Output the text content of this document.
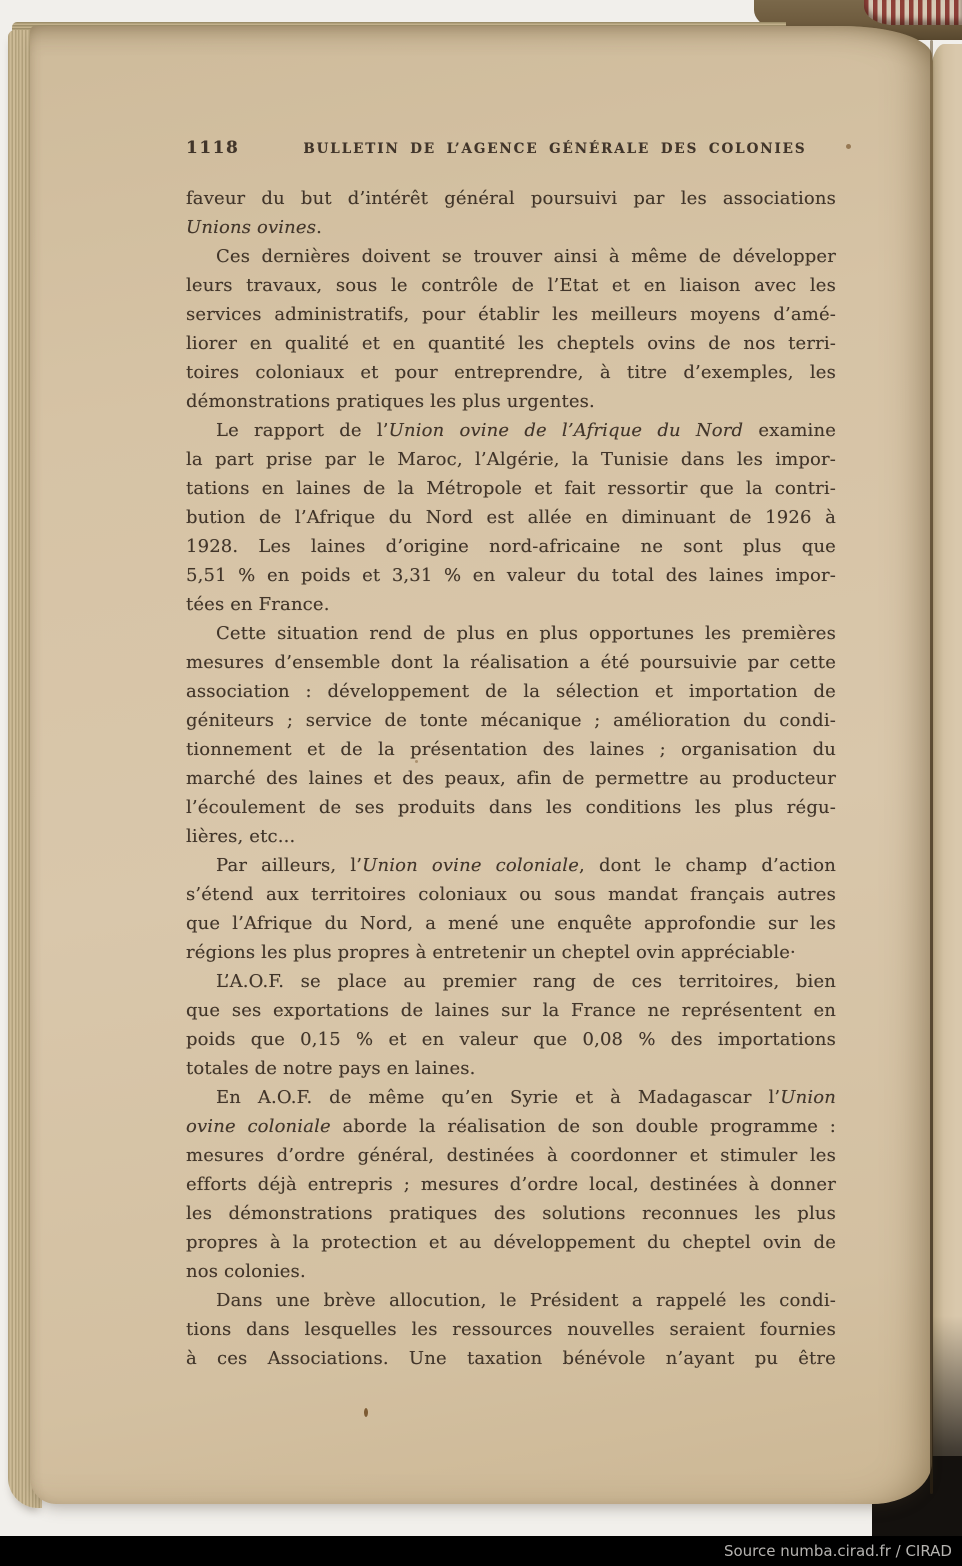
1118	BULLETIN DE L’AGENCE GÉNÉRALE DES COLONIES
faveur du but d’intérêt général poursuivi par les associations
Unions ovines.
Ces dernières doivent se trouver ainsi à même de développer
leurs travaux, sous le contrôle de l’Etat et en liaison avec les
services administratifs, pour établir les meilleurs moyens d’amé-
liorer en qualité et en quantité les cheptels ovins de nos terri-
toires coloniaux et pour entreprendre, à titre d’exemples, les
démonstrations pratiques les plus urgentes.
Le rapport de l’Union ovine de l’Afrique du Nord examine
la part prise par le Maroc, l’Algérie, la Tunisie dans les impor-
tations en laines de la Métropole et fait ressortir que la contri-
bution de l’Afrique du Nord est allée en diminuant de 1926 à
1928. Les laines d’origine nord-africaine ne sont plus que
5,51 % en poids et 3,31 % en valeur du total des laines impor-
tées en France.
Cette situation rend de plus en plus opportunes les premières
mesures d’ensemble dont la réalisation a été poursuivie par cette
association : développement de la sélection et importation de
géniteurs ; service de tonte mécanique ; amélioration du condi-
tionnement et de la présentation des laines ; organisation du
marché des laines et des peaux, afin de permettre au producteur
l’écoulement de ses produits dans les conditions les plus régu-
lières, etc...
Par ailleurs, l’Union ovine coloniale, dont le champ d’action
s’étend aux territoires coloniaux ou sous mandat français autres
que l’Afrique du Nord, a mené une enquête approfondie sur les
régions les plus propres à entretenir un cheptel ovin appréciable·
L’A.O.F. se place au premier rang de ces territoires, bien
que ses exportations de laines sur la France ne représentent en
poids que 0,15 % et en valeur que 0,08 % des importations
totales de notre pays en laines.
En A.O.F. de même qu’en Syrie et à Madagascar l’Union
ovine coloniale aborde la réalisation de son double programme :
mesures d’ordre général, destinées à coordonner et stimuler les
efforts déjà entrepris ; mesures d’ordre local, destinées à donner
les démonstrations pratiques des solutions reconnues les plus
propres à la protection et au développement du cheptel ovin de
nos colonies.
Dans une brève allocution, le Président a rappelé les condi-
tions dans lesquelles les ressources nouvelles seraient fournies
à ces Associations. Une taxation bénévole n’ayant pu être
Source numba.cirad.fr / CIRAD
